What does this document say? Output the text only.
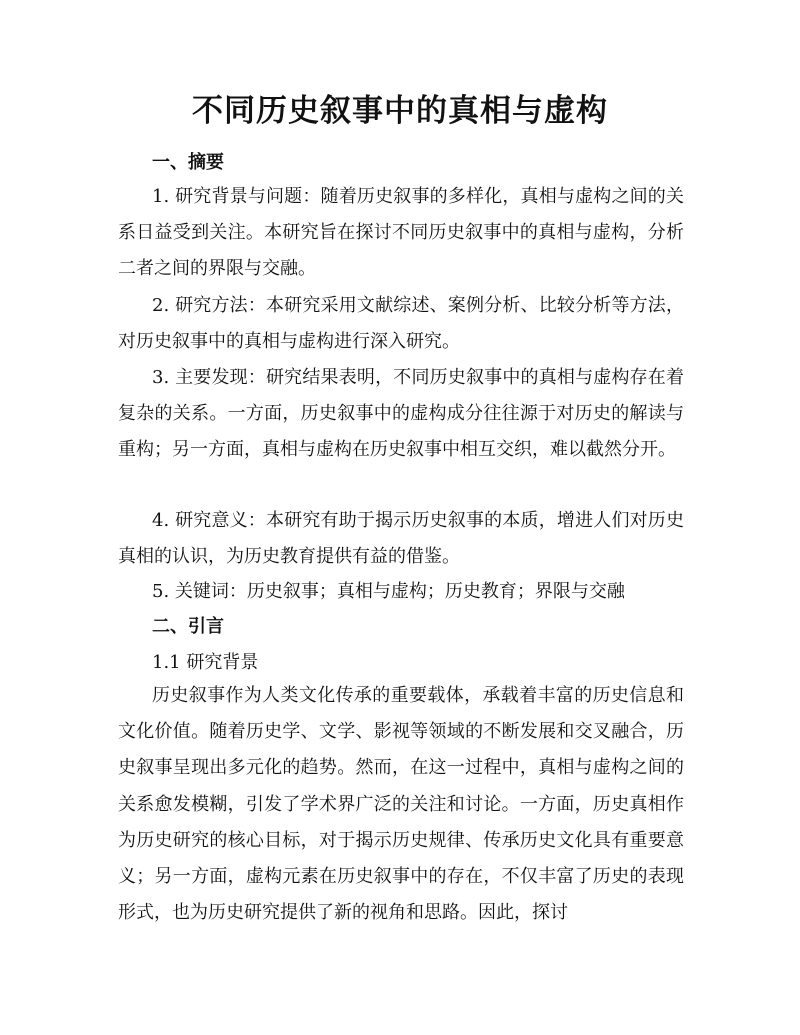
不同历史叙事中的真相与虚构
一、摘要

1. 研究背景与问题：随着历史叙事的多样化，真相与虚构之间的关系日益受到关注。本研究旨在探讨不同历史叙事中的真相与虚构，分析二者之间的界限与交融。

2. 研究方法：本研究采用文献综述、案例分析、比较分析等方法，对历史叙事中的真相与虚构进行深入研究。

3. 主要发现：研究结果表明，不同历史叙事中的真相与虚构存在着复杂的关系。一方面，历史叙事中的虚构成分往往源于对历史的解读与重构；另一方面，真相与虚构在历史叙事中相互交织，难以截然分开。

4. 研究意义：本研究有助于揭示历史叙事的本质，增进人们对历史真相的认识，为历史教育提供有益的借鉴。

5. 关键词：历史叙事；真相与虚构；历史教育；界限与交融

二、引言
1.1 研究背景

历史叙事作为人类文化传承的重要载体，承载着丰富的历史信息和文化价值。随着历史学、文学、影视等领域的不断发展和交叉融合，历史叙事呈现出多元化的趋势。然而，在这一过程中，真相与虚构之间的关系愈发模糊，引发了学术界广泛的关注和讨论。一方面，历史真相作为历史研究的核心目标，对于揭示历史规律、传承历史文化具有重要意义；另一方面，虚构元素在历史叙事中的存在，不仅丰富了历史的表现形式，也为历史研究提供了新的视角和思路。因此，探讨
